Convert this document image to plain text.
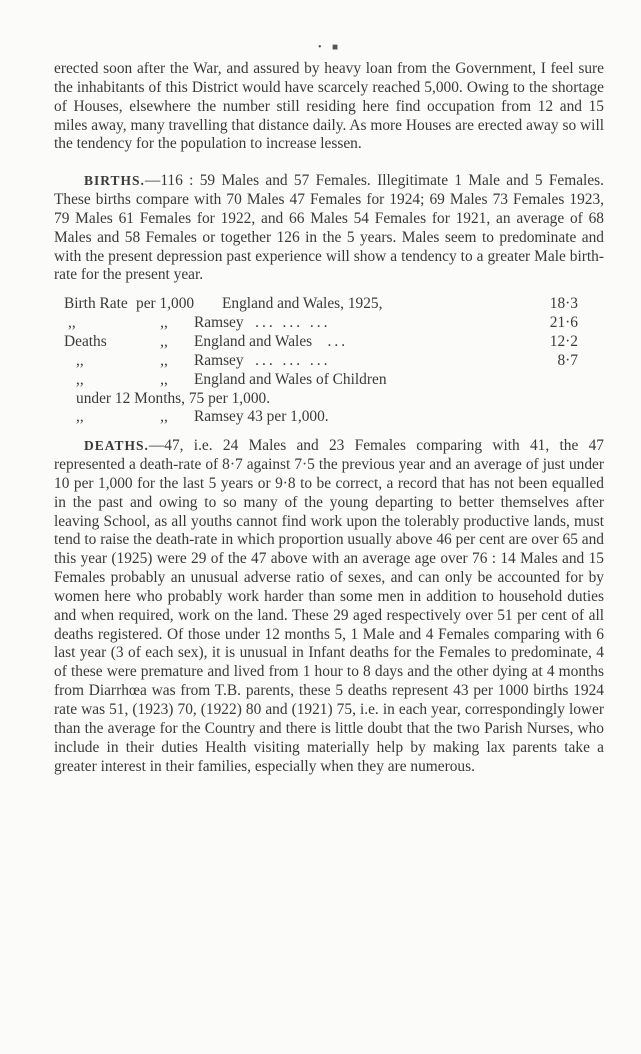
• ■

erected soon after the War, and assured by heavy loan from the Government, I feel sure the inhabitants of this District would have scarcely reached 5,000. Owing to the shortage of Houses, elsewhere the number still residing here find occupation from 12 and 15 miles away, many travelling that distance daily. As more Houses are erected away so will the tendency for the population to increase lessen.

BIRTHS.—116 : 59 Males and 57 Females. Illegitimate 1 Male and 5 Females. These births compare with 70 Males 47 Females for 1924; 69 Males 73 Females 1923, 79 Males 61 Females for 1922, and 66 Males 54 Females for 1921, an average of 68 Males and 58 Females or together 126 in the 5 years. Males seem to predominate and with the present depression past experience will show a tendency to a greater Male birth-rate for the present year.

Birth Rate per 1,000	England and Wales, 1925,	18·3
,,	,,	Ramsey ... ... ...	21·6
Deaths	,,	England and Wales ...	12·2
,,	,,	Ramsey ... ... ...	8·7
,,	,,	England and Wales of Children
under 12 Months, 75 per 1,000.
,,	,,	Ramsey 43 per 1,000.

DEATHS.—47, i.e. 24 Males and 23 Females comparing with 41, the 47 represented a death-rate of 8·7 against 7·5 the previous year and an average of just under 10 per 1,000 for the last 5 years or 9·8 to be correct, a record that has not been equalled in the past and owing to so many of the young departing to better themselves after leaving School, as all youths cannot find work upon the tolerably productive lands, must tend to raise the death-rate in which proportion usually above 46 per cent are over 65 and this year (1925) were 29 of the 47 above with an average age over 76 : 14 Males and 15 Females probably an unusual adverse ratio of sexes, and can only be accounted for by women here who probably work harder than some men in addition to household duties and when required, work on the land. These 29 aged respectively over 51 per cent of all deaths registered. Of those under 12 months 5, 1 Male and 4 Females comparing with 6 last year (3 of each sex), it is unusual in Infant deaths for the Females to predominate, 4 of these were premature and lived from 1 hour to 8 days and the other dying at 4 months from Diarrhœa was from T.B. parents, these 5 deaths represent 43 per 1000 births 1924 rate was 51, (1923) 70, (1922) 80 and (1921) 75, i.e. in each year, correspondingly lower than the average for the Country and there is little doubt that the two Parish Nurses, who include in their duties Health visiting materially help by making lax parents take a greater interest in their families, especially when they are numerous.
